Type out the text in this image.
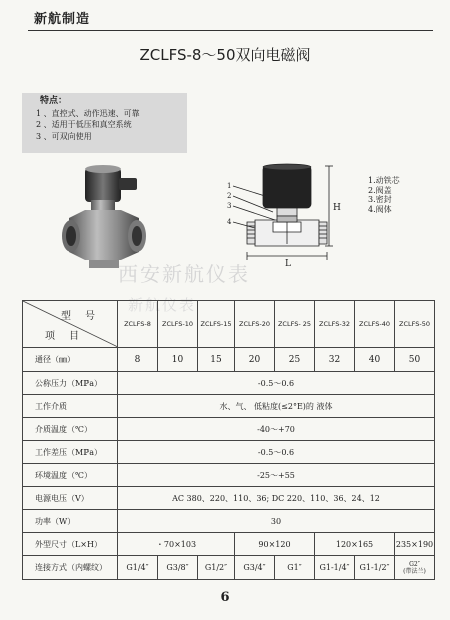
新航制造
ZCLFS-8～50双向电磁阀
特点：
1 、直控式、动作迅速、可靠
2 、适用于低压和真空系统
3 、可双向使用
H
L
1
2
3
4
1.动铁芯
2.阀盖
3.密封
4.阀体
西安新航仪表
新航仪表
型号
项目	ZCLFS-8	ZCLFS-10	ZCLFS-15	ZCLFS-20	ZCLFS- 25	ZCLFS-32	ZCLFS-40	ZCLFS-50
通径（㎜）	8	10	15	20	25	32	40	50
公称压力（Mℙa）	-0.5～0.6							
工作介质	水、气、 低粘度(≤2°E)的 液体							
介质温度（℃）	-40～+70							
工作差压（Mℙa）	-0.5～0.6							
环境温度（℃）	-25～+55							
电源电压（V）	AC 380、220、110、36; DC 220、110、36、24、12							
功率（W）	30							
外型尺寸（L×H）	・70×103			90×120		120×165		235×190
连接方式（内螺纹）	G1/4″	G3/8″	G1/2″	G3/4″	G1″	G1-1/4″	G1-1/2″	G2″
(带法兰)
6
